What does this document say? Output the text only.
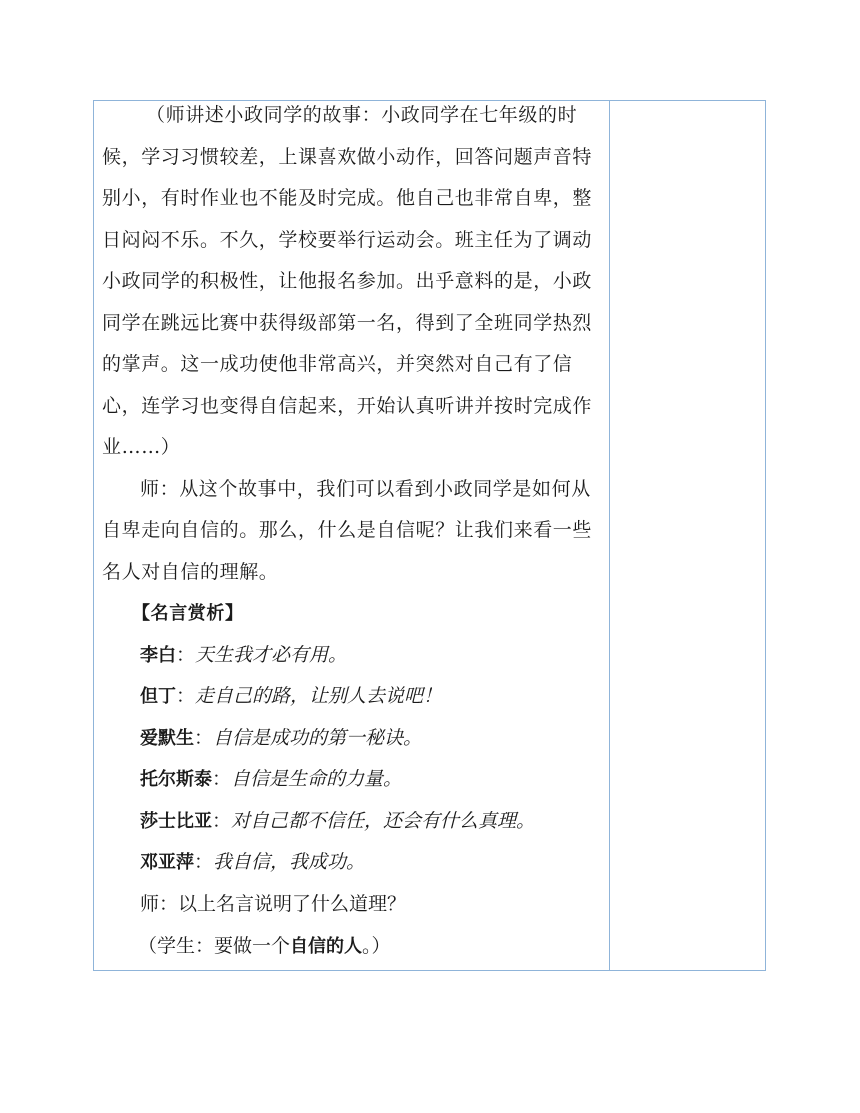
（师讲述小政同学的故事：小政同学在七年级的时
候，学习习惯较差，上课喜欢做小动作，回答问题声音特
别小，有时作业也不能及时完成。他自己也非常自卑，整
日闷闷不乐。不久，学校要举行运动会。班主任为了调动
小政同学的积极性，让他报名参加。出乎意料的是，小政
同学在跳远比赛中获得级部第一名，得到了全班同学热烈
的掌声。这一成功使他非常高兴，并突然对自己有了信
心，连学习也变得自信起来，开始认真听讲并按时完成作
业……）
师：从这个故事中，我们可以看到小政同学是如何从
自卑走向自信的。那么，什么是自信呢？让我们来看一些
名人对自信的理解。
【名言赏析】
李白：天生我才必有用。
但丁：走自己的路，让别人去说吧！
爱默生：自信是成功的第一秘诀。
托尔斯泰：自信是生命的力量。
莎士比亚：对自己都不信任，还会有什么真理。
邓亚萍：我自信，我成功。
师：以上名言说明了什么道理？
（学生：要做一个自信的人。）
